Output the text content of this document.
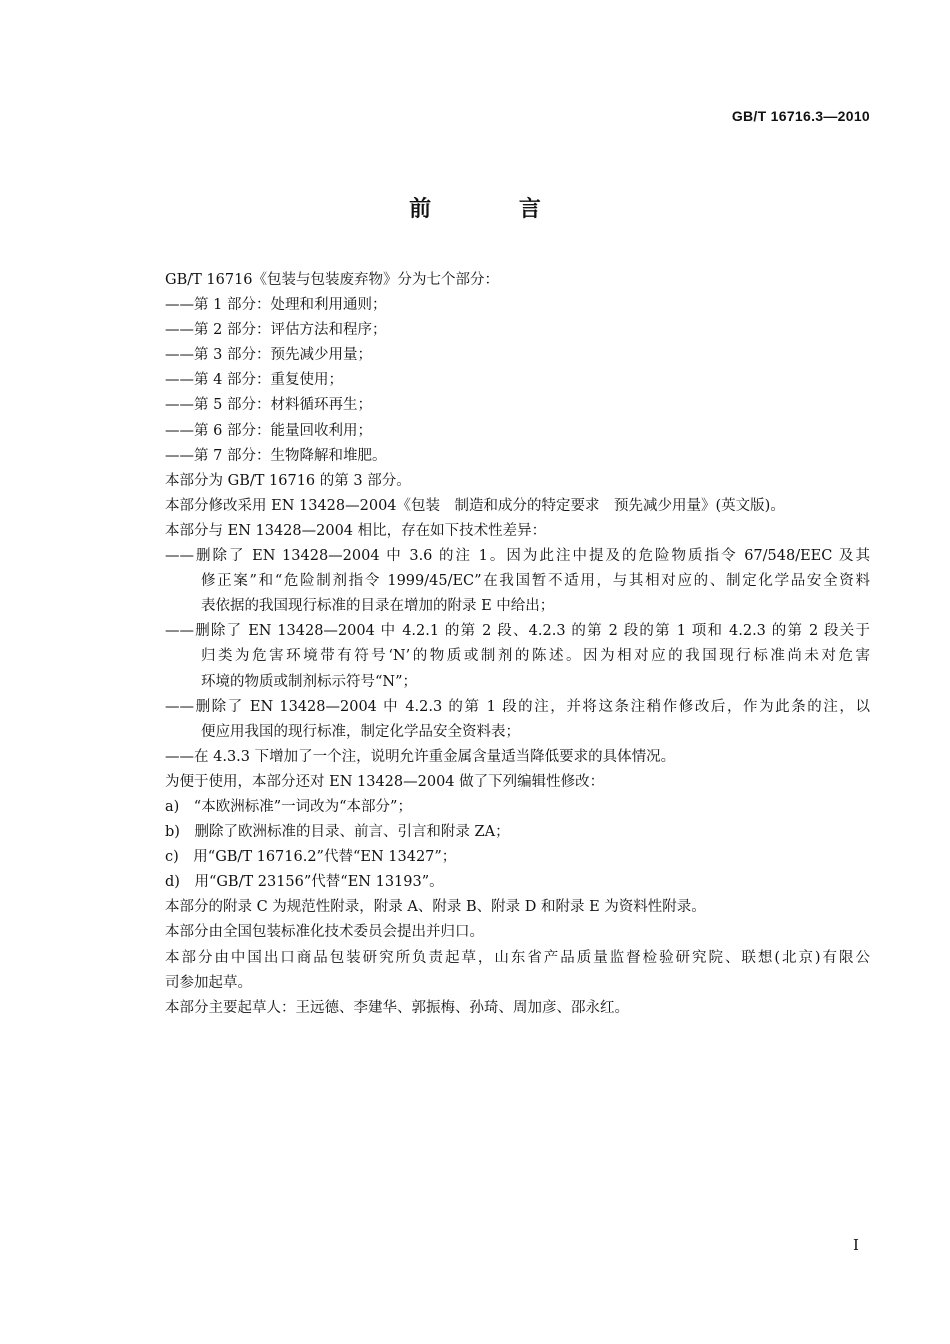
GB/T 16716.3—2010
前 言
GB/T 16716《包装与包装废弃物》分为七个部分：
——第 1 部分：处理和利用通则；
——第 2 部分：评估方法和程序；
——第 3 部分：预先减少用量；
——第 4 部分：重复使用；
——第 5 部分：材料循环再生；
——第 6 部分：能量回收利用；
——第 7 部分：生物降解和堆肥。
本部分为 GB/T 16716 的第 3 部分。
本部分修改采用 EN 13428—2004《包装　制造和成分的特定要求　预先减少用量》(英文版)。
本部分与 EN 13428—2004 相比，存在如下技术性差异：
——删除了 EN 13428—2004 中 3.6 的注 1。因为此注中提及的危险物质指令 67/548/EEC 及其
修正案”和“危险制剂指令 1999/45/EC”在我国暂不适用，与其相对应的、制定化学品安全资料
表依据的我国现行标准的目录在增加的附录 E 中给出；
——删除了 EN 13428—2004 中 4.2.1 的第 2 段、4.2.3 的第 2 段的第 1 项和 4.2.3 的第 2 段关于
归类为危害环境带有符号‘N’的物质或制剂的陈述。因为相对应的我国现行标准尚未对危害
环境的物质或制剂标示符号“N”；
——删除了 EN 13428—2004 中 4.2.3 的第 1 段的注，并将这条注稍作修改后，作为此条的注，以
便应用我国的现行标准，制定化学品安全资料表；
——在 4.3.3 下增加了一个注，说明允许重金属含量适当降低要求的具体情况。
为便于使用，本部分还对 EN 13428—2004 做了下列编辑性修改：
a)　“本欧洲标准”一词改为“本部分”；
b)　删除了欧洲标准的目录、前言、引言和附录 ZA；
c)　用“GB/T 16716.2”代替“EN 13427”；
d)　用“GB/T 23156”代替“EN 13193”。
本部分的附录 C 为规范性附录，附录 A、附录 B、附录 D 和附录 E 为资料性附录。
本部分由全国包装标准化技术委员会提出并归口。
本部分由中国出口商品包装研究所负责起草，山东省产品质量监督检验研究院、联想(北京)有限公
司参加起草。
本部分主要起草人：王远德、李建华、郭振梅、孙琦、周加彦、邵永红。
I
